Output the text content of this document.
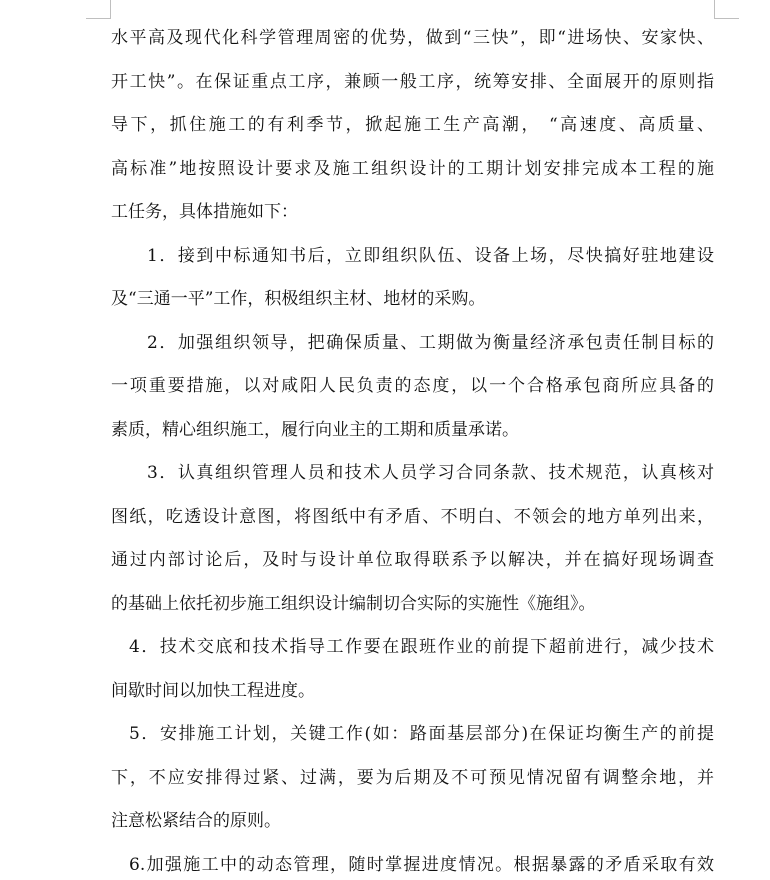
水平高及现代化科学管理周密的优势，做到“三快”，即“进场快、安家快、
开工快”。在保证重点工序，兼顾一般工序，统筹安排、全面展开的原则指
导下，抓住施工的有利季节，掀起施工生产高潮， “高速度、高质量、
高标准”地按照设计要求及施工组织设计的工期计划安排完成本工程的施
工任务，具体措施如下：
1．接到中标通知书后，立即组织队伍、设备上场，尽快搞好驻地建设
及“三通一平”工作，积极组织主材、地材的采购。
2．加强组织领导，把确保质量、工期做为衡量经济承包责任制目标的
一项重要措施，以对咸阳人民负责的态度，以一个合格承包商所应具备的
素质，精心组织施工，履行向业主的工期和质量承诺。
3．认真组织管理人员和技术人员学习合同条款、技术规范，认真核对
图纸，吃透设计意图，将图纸中有矛盾、不明白、不领会的地方单列出来，
通过内部讨论后，及时与设计单位取得联系予以解决，并在搞好现场调查
的基础上依托初步施工组织设计编制切合实际的实施性《施组》。
4．技术交底和技术指导工作要在跟班作业的前提下超前进行，减少技术
间歇时间以加快工程进度。
5．安排施工计划，关键工作(如：路面基层部分)在保证均衡生产的前提
下，不应安排得过紧、过满，要为后期及不可预见情况留有调整余地，并
注意松紧结合的原则。
6.加强施工中的动态管理，随时掌握进度情况。根据暴露的矛盾采取有效
